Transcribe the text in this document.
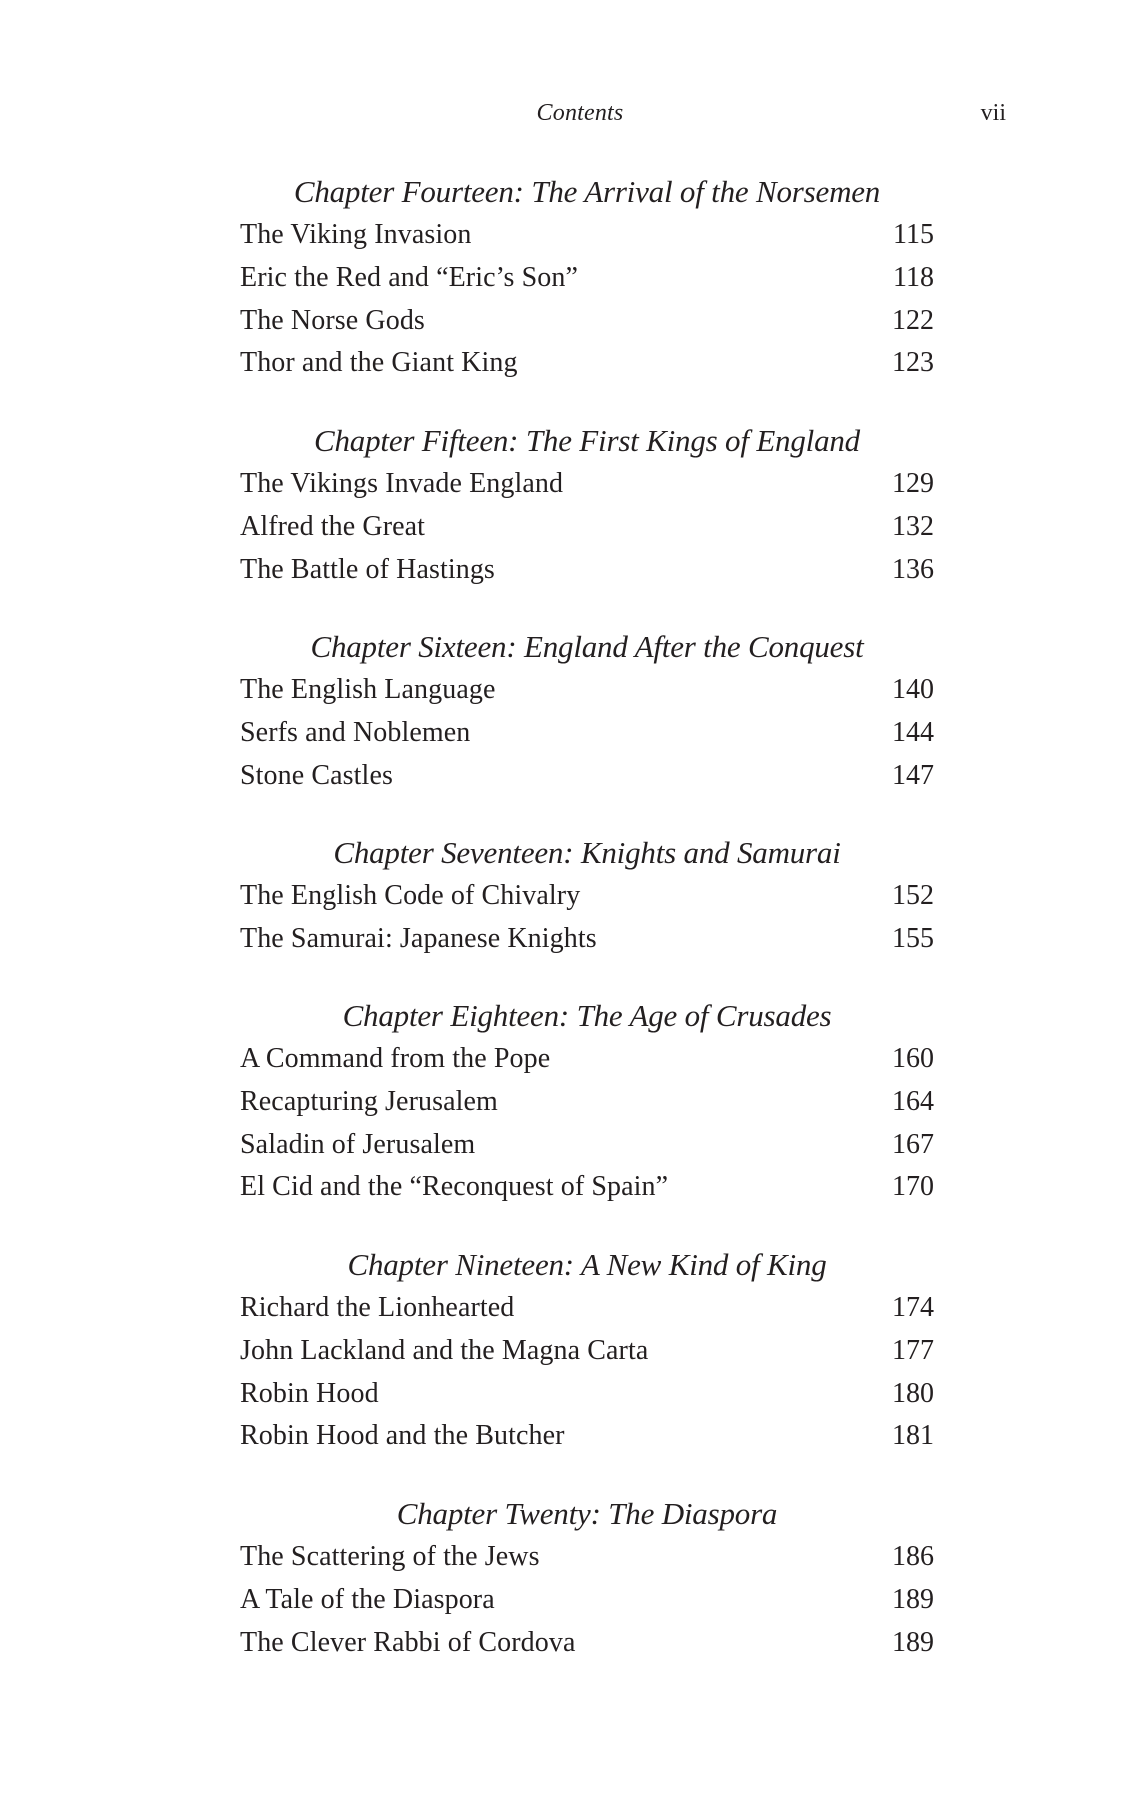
Contents	vii
Chapter Fourteen: The Arrival of the Norsemen
The Viking Invasion	115
Eric the Red and “Eric’s Son”	118
The Norse Gods	122
Thor and the Giant King	123
Chapter Fifteen: The First Kings of England
The Vikings Invade England	129
Alfred the Great	132
The Battle of Hastings	136
Chapter Sixteen: England After the Conquest
The English Language	140
Serfs and Noblemen	144
Stone Castles	147
Chapter Seventeen: Knights and Samurai
The English Code of Chivalry	152
The Samurai: Japanese Knights	155
Chapter Eighteen: The Age of Crusades
A Command from the Pope	160
Recapturing Jerusalem	164
Saladin of Jerusalem	167
El Cid and the “Reconquest of Spain”	170
Chapter Nineteen: A New Kind of King
Richard the Lionhearted	174
John Lackland and the Magna Carta	177
Robin Hood	180
Robin Hood and the Butcher	181
Chapter Twenty: The Diaspora
The Scattering of the Jews	186
A Tale of the Diaspora	189
The Clever Rabbi of Cordova	189
